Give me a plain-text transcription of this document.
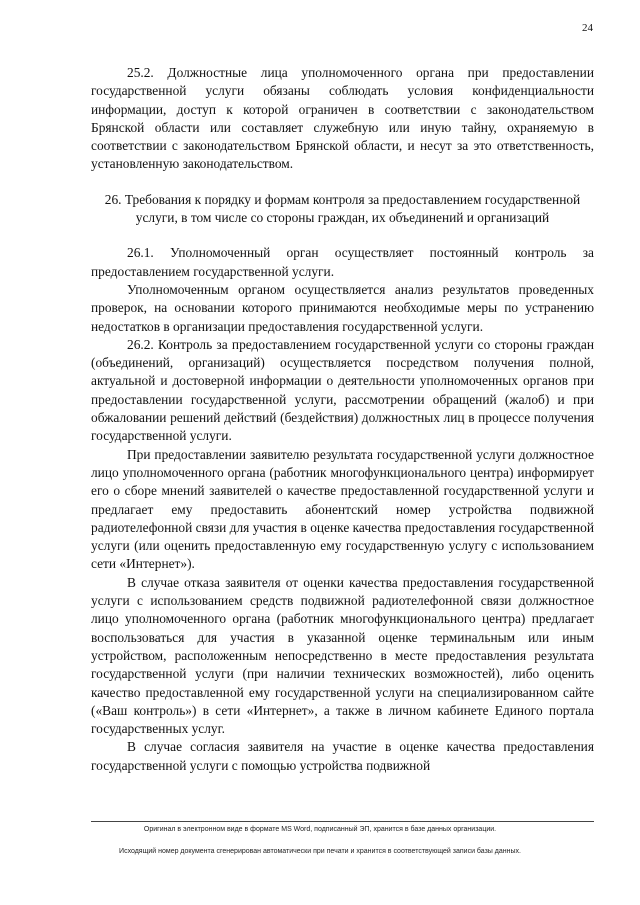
24

25.2. Должностные лица уполномоченного органа при предоставлении государственной услуги обязаны соблюдать условия конфиденциальности информации, доступ к которой ограничен в соответствии с законодательством Брянской области или составляет служебную или иную тайну, охраняемую в соответствии с законодательством Брянской области, и несут за это ответственность, установленную законодательством.

26. Требования к порядку и формам контроля за предоставлением государственной услуги, в том числе со стороны граждан, их объединений и организаций

26.1. Уполномоченный орган осуществляет постоянный контроль за предоставлением государственной услуги.

Уполномоченным органом осуществляется анализ результатов проведенных проверок, на основании которого принимаются необходимые меры по устранению недостатков в организации предоставления государственной услуги.

26.2. Контроль за предоставлением государственной услуги со стороны граждан (объединений, организаций) осуществляется посредством получения полной, актуальной и достоверной информации о деятельности уполномоченных органов при предоставлении государственной услуги, рассмотрении обращений (жалоб) и при обжаловании решений действий (бездействия) должностных лиц в процессе получения государственной услуги.

При предоставлении заявителю результата государственной услуги должностное лицо уполномоченного органа (работник многофункционального центра) информирует его о сборе мнений заявителей о качестве предоставленной государственной услуги и предлагает ему предоставить абонентский номер устройства подвижной радиотелефонной связи для участия в оценке качества предоставления государственной услуги (или оценить предоставленную ему государственную услугу с использованием сети «Интернет»).

В случае отказа заявителя от оценки качества предоставления государственной услуги с использованием средств подвижной радиотелефонной связи должностное лицо уполномоченного органа (работник многофункционального центра) предлагает воспользоваться для участия в указанной оценке терминальным или иным устройством, расположенным непосредственно в месте предоставления результата государственной услуги (при наличии технических возможностей), либо оценить качество предоставленной ему государственной услуги на специализированном сайте («Ваш контроль») в сети «Интернет», а также в личном кабинете Единого портала государственных услуг.

В случае согласия заявителя на участие в оценке качества предоставления государственной услуги с помощью устройства подвижной

Оригинал в электронном виде в формате MS Word, подписанный ЭП, хранится в базе данных организации.
Исходящий номер документа сгенерирован автоматически при печати и хранится в соответствующей записи базы данных.
